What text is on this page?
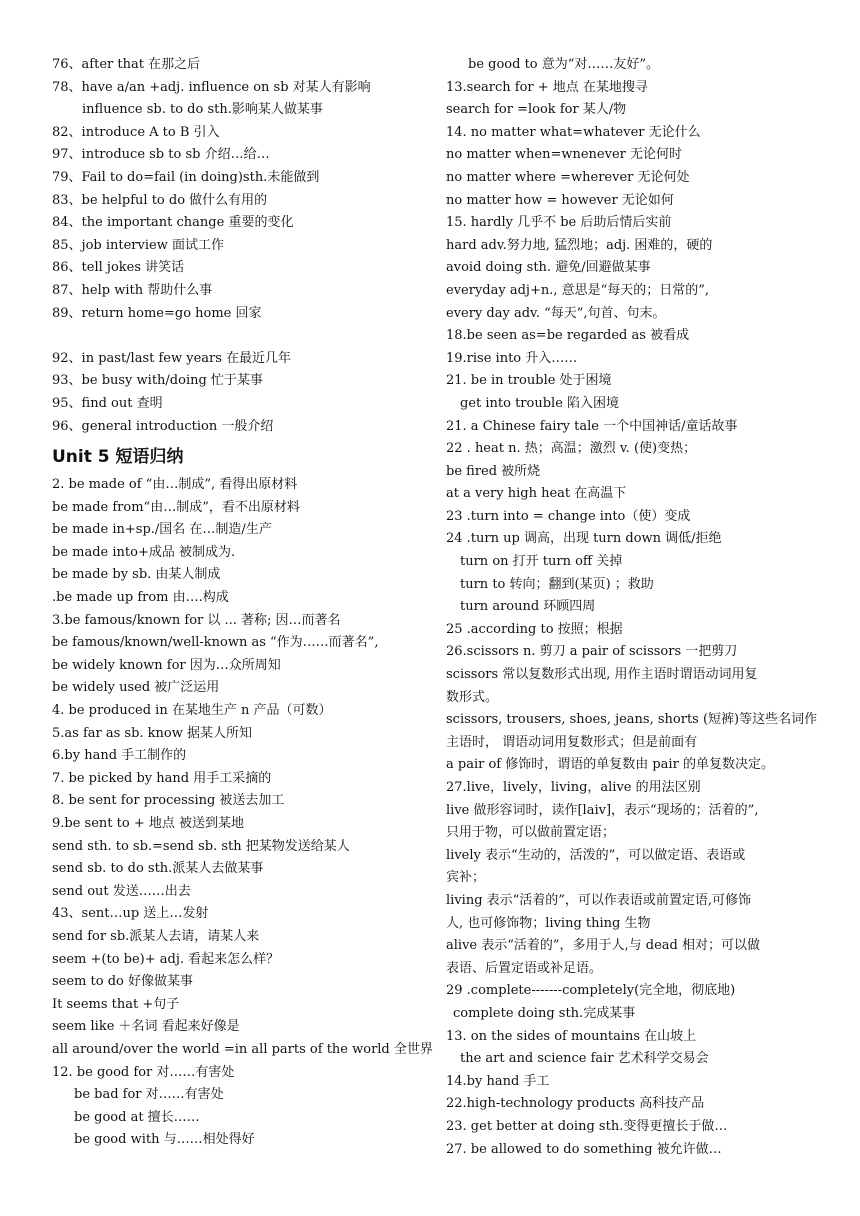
76、after that 在那之后
78、have a/an +adj. influence on sb 对某人有影响
influence sb. to do sth.影响某人做某事
82、introduce A to B 引入
97、introduce sb to sb 介绍…给…
79、Fail to do=fail (in doing)sth.未能做到
83、be helpful to do 做什么有用的
84、the important change 重要的变化
85、job interview 面试工作
86、tell jokes 讲笑话
87、help with 帮助什么事
89、return home=go home 回家
92、in past/last few years 在最近几年
93、be busy with/doing 忙于某事
95、find out 查明
96、general introduction 一般介绍
Unit 5 短语归纳
2. be made of “由…制成”, 看得出原材料
be made from“由…制成”，看不出原材料
be made in+sp./国名 在…制造/生产
be made into+成品 被制成为.
be made by sb. 由某人制成
.be made up from 由….构成
3.be famous/known for 以 ... 著称; 因…而著名
be famous/known/well-known as “作为……而著名”,
be widely known for 因为…众所周知
be widely used 被广泛运用
4. be produced in 在某地生产 n 产品（可数）
5.as far as sb. know 据某人所知
6.by hand 手工制作的
7. be picked by hand 用手工采摘的
8. be sent for processing 被送去加工
9.be sent to + 地点 被送到某地
send sth. to sb.=send sb. sth 把某物发送给某人
send sb. to do sth.派某人去做某事
send out 发送……出去
43、sent…up 送上…发射
send for sb.派某人去请，请某人来
seem +(to be)+ adj. 看起来怎么样？
seem to do 好像做某事
It seems that +句子
seem like ＋名词 看起来好像是
all around/over the world =in all parts of the world 全世界
12. be good for 对……有害处
be bad for 对……有害处
be good at 擅长……
be good with 与……相处得好
be good to 意为“对……友好”。
13.search for + 地点 在某地搜寻
search for =look for 某人/物
14. no matter what=whatever 无论什么
no matter when=wnenever 无论何时
no matter where =wherever 无论何处
no matter how = however 无论如何
15. hardly 几乎不 be 后助后情后实前
hard adv.努力地, 猛烈地；adj. 困难的，硬的
avoid doing sth. 避免/回避做某事
everyday adj+n., 意思是“每天的；日常的”,
every day adv. “每天”,句首、句末。
18.be seen as=be regarded as 被看成
19.rise into 升入……
21. be in trouble 处于困境
get into trouble 陷入困境
21. a Chinese fairy tale 一个中国神话/童话故事
22 . heat n. 热；高温；激烈 v. (使)变热；
be fired 被所烧
at a very high heat 在高温下
23 .turn into = change into（使）变成
24 .turn up 调高，出现 turn down 调低/拒绝
turn on 打开 turn off 关掉
turn to 转向；翻到(某页) ；救助
turn around 环顾四周
25 .according to 按照；根据
26.scissors n. 剪刀 a pair of scissors 一把剪刀
scissors 常以复数形式出现, 用作主语时谓语动词用复
数形式。
scissors, trousers, shoes, jeans, shorts (短裤)等这些名词作
主语时， 谓语动词用复数形式；但是前面有
a pair of 修饰时，谓语的单复数由 pair 的单复数决定。
27.live，lively，living，alive 的用法区别
live 做形容词时，读作[laiv]，表示“现场的；活着的”,
只用于物，可以做前置定语；
lively 表示“生动的，活泼的”，可以做定语、表语或
宾补；
living 表示“活着的”，可以作表语或前置定语,可修饰
人, 也可修饰物；living thing 生物
alive 表示“活着的”，多用于人,与 dead 相对；可以做
表语、后置定语或补足语。
29 .complete-------completely(完全地，彻底地)
complete doing sth.完成某事
13. on the sides of mountains 在山坡上
the art and science fair 艺术科学交易会
14.by hand 手工
22.high-technology products 高科技产品
23. get better at doing sth.变得更擅长于做…
27. be allowed to do something 被允许做…
